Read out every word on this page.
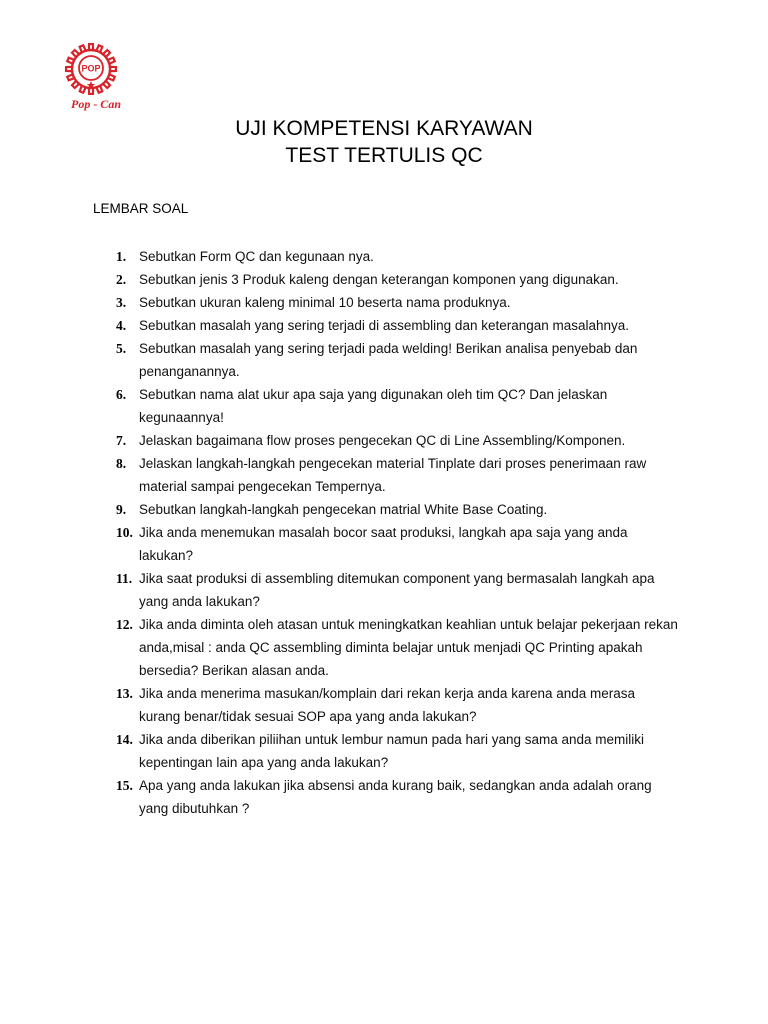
POP
Pop - Can
UJI KOMPETENSI KARYAWAN
TEST TERTULIS QC
LEMBAR SOAL
1. Sebutkan Form QC dan kegunaan nya.
2. Sebutkan jenis 3 Produk kaleng dengan keterangan komponen yang digunakan.
3. Sebutkan ukuran kaleng minimal 10 beserta nama produknya.
4. Sebutkan masalah yang sering terjadi di assembling dan keterangan masalahnya.
5. Sebutkan masalah yang sering terjadi pada welding! Berikan analisa penyebab dan penanganannya.
6. Sebutkan nama alat ukur apa saja yang digunakan oleh tim QC? Dan jelaskan kegunaannya!
7. Jelaskan bagaimana flow proses pengecekan QC di Line Assembling/Komponen.
8. Jelaskan langkah-langkah pengecekan material Tinplate dari proses penerimaan raw material sampai pengecekan Tempernya.
9. Sebutkan langkah-langkah pengecekan matrial White Base Coating.
10. Jika anda menemukan masalah bocor saat produksi, langkah apa saja yang anda lakukan?
11. Jika saat produksi di assembling ditemukan component yang bermasalah langkah apa yang anda lakukan?
12. Jika anda diminta oleh atasan untuk meningkatkan keahlian untuk belajar pekerjaan rekan anda,misal : anda QC assembling diminta belajar untuk menjadi QC Printing apakah bersedia? Berikan alasan anda.
13. Jika anda menerima masukan/komplain dari rekan kerja anda karena anda merasa kurang benar/tidak sesuai SOP apa yang anda lakukan?
14. Jika anda diberikan piliihan untuk lembur namun pada hari yang sama anda memiliki kepentingan lain apa yang anda lakukan?
15. Apa yang anda lakukan jika absensi anda kurang baik, sedangkan anda adalah orang yang dibutuhkan ?
